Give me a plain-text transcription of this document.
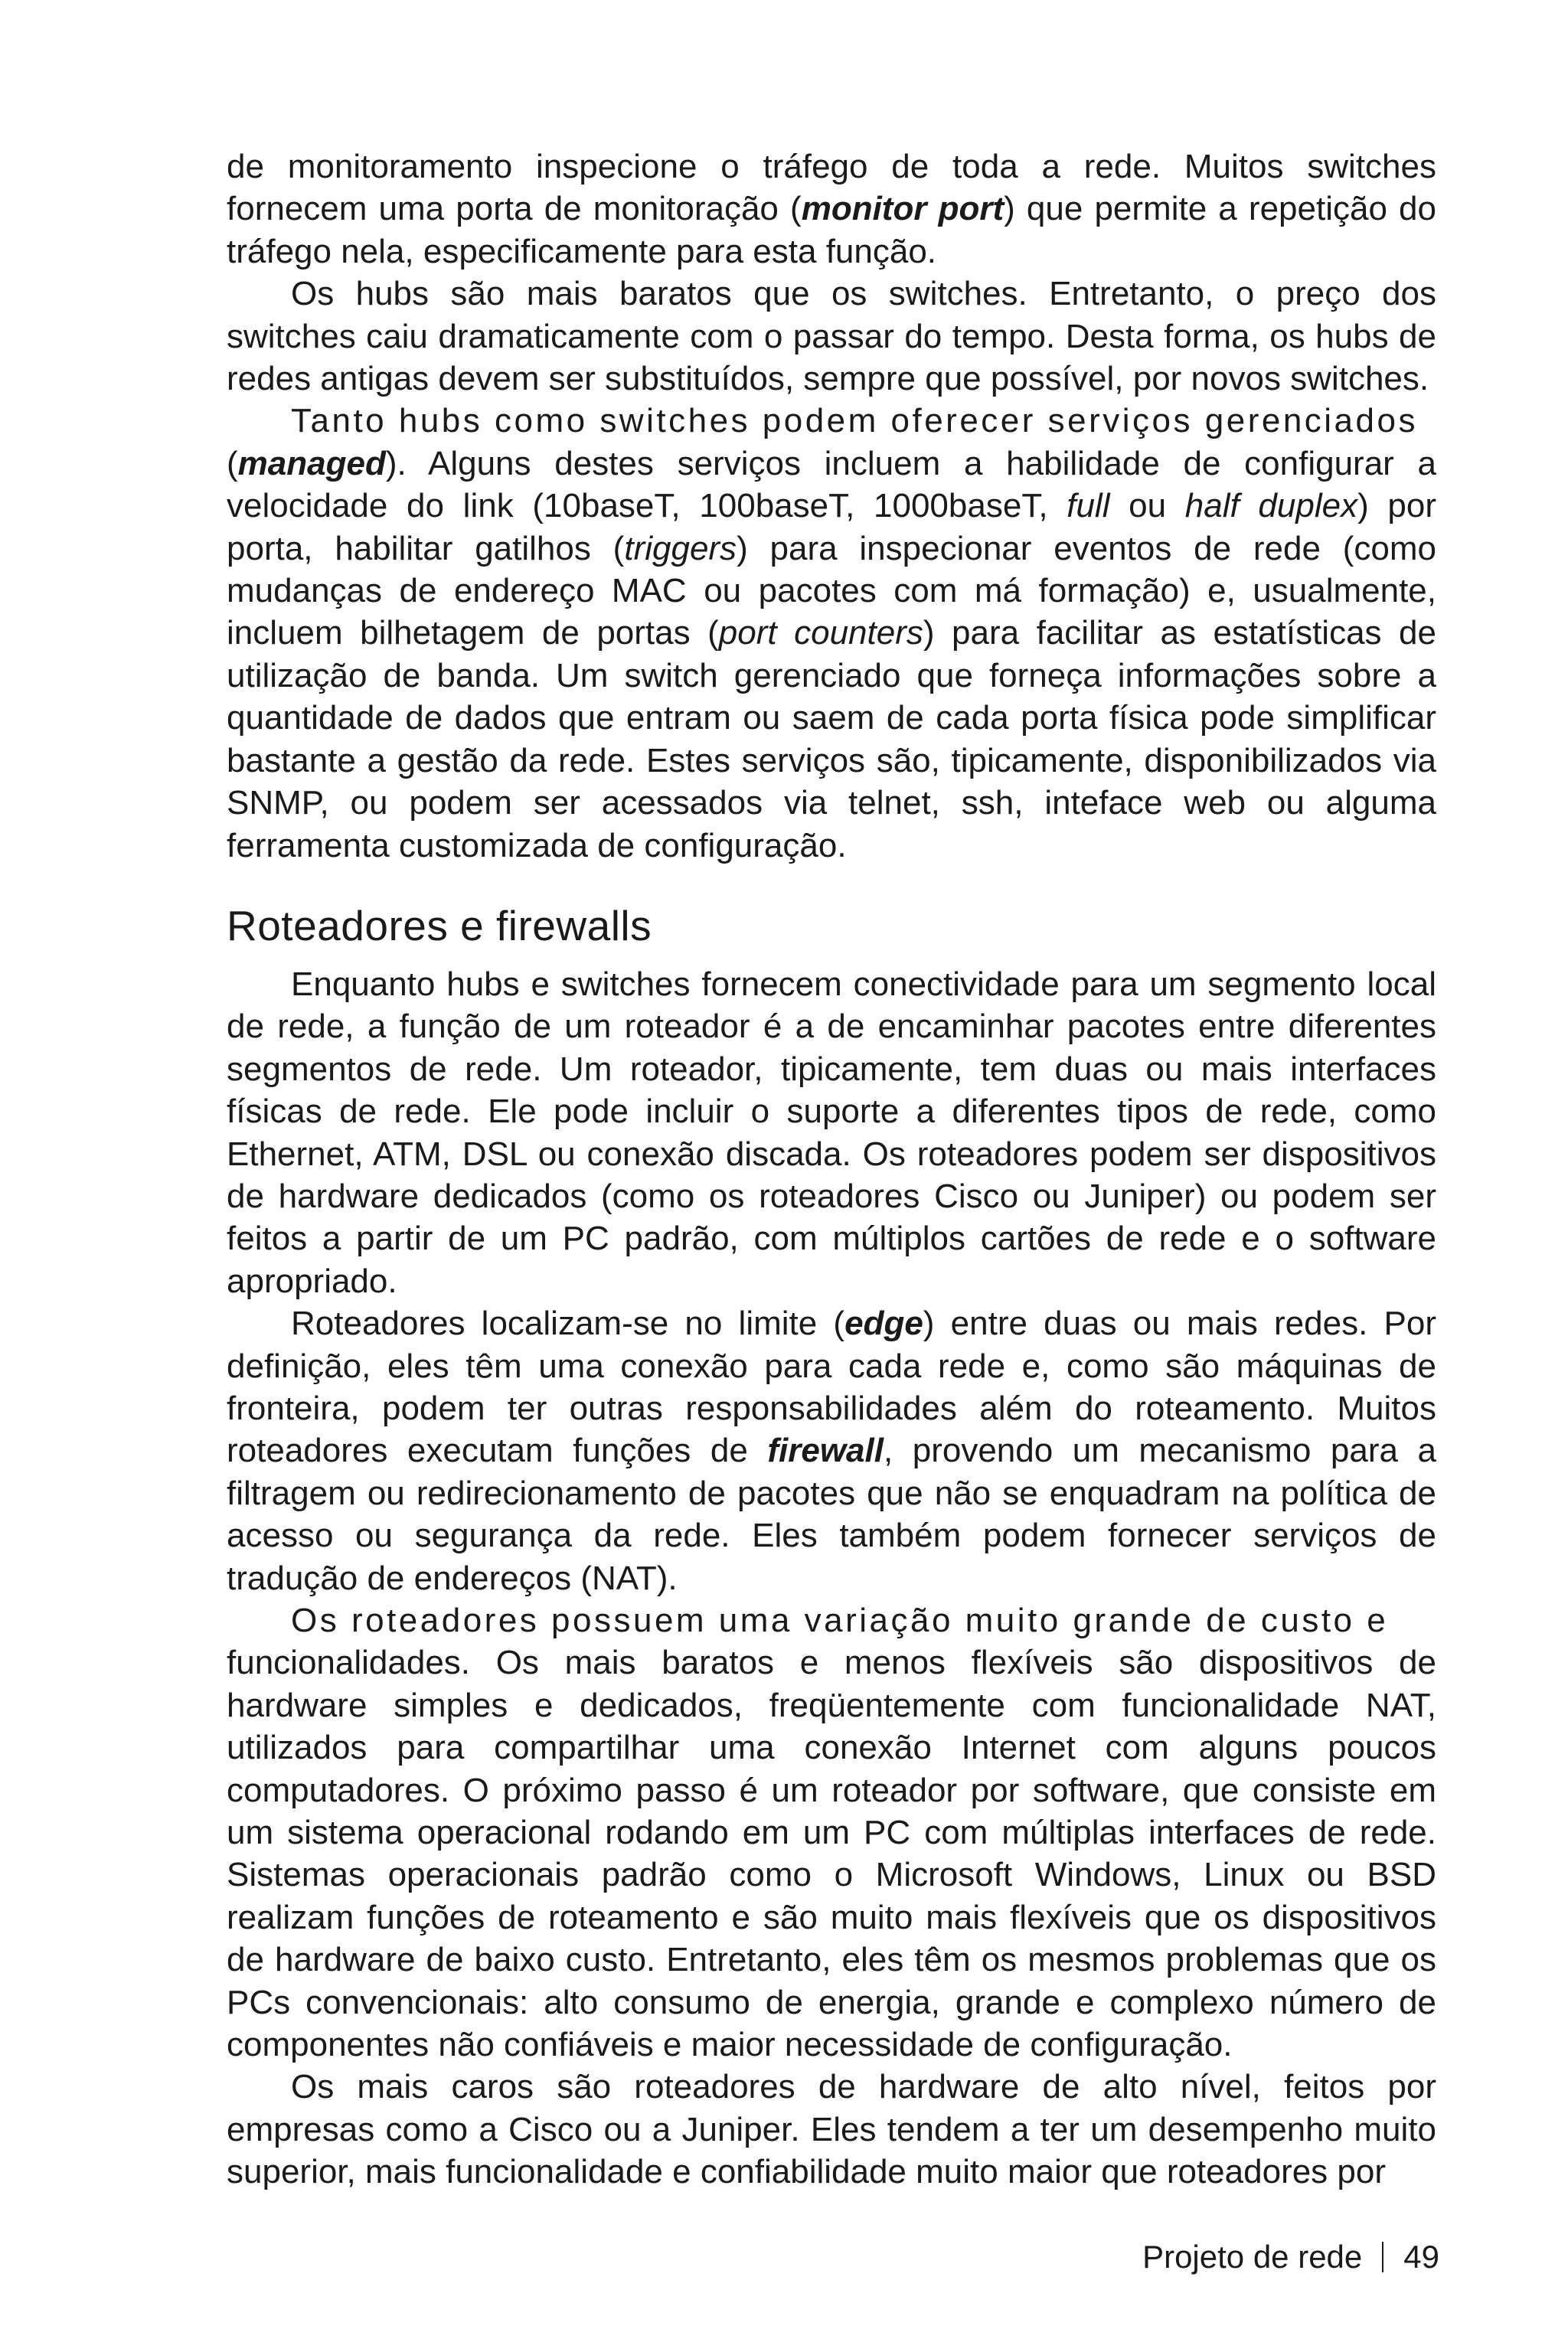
de monitoramento inspecione o tráfego de toda a rede. Muitos switches fornecem uma porta de monitoração (monitor port) que permite a repetição do tráfego nela, especificamente para esta função.

Os hubs são mais baratos que os switches. Entretanto, o preço dos switches caiu dramaticamente com o passar do tempo. Desta forma, os hubs de redes antigas devem ser substituídos, sempre que possível, por novos switches.

Tanto hubs como switches podem oferecer serviços gerenciados
(managed). Alguns destes serviços incluem a habilidade de configurar a velocidade do link (10baseT, 100baseT, 1000baseT, full ou half duplex) por porta, habilitar gatilhos (triggers) para inspecionar eventos de rede (como mudanças de endereço MAC ou pacotes com má formação) e, usualmente, incluem bilhetagem de portas (port counters) para facilitar as estatísticas de utilização de banda. Um switch gerenciado que forneça informações sobre a quantidade de dados que entram ou saem de cada porta física pode simplificar bastante a gestão da rede. Estes serviços são, tipicamente, disponibilizados via SNMP, ou podem ser acessados via telnet, ssh, inteface web ou alguma ferramenta customizada de configuração.

Roteadores e firewalls

Enquanto hubs e switches fornecem conectividade para um segmento local de rede, a função de um roteador é a de encaminhar pacotes entre diferentes segmentos de rede. Um roteador, tipicamente, tem duas ou mais interfaces físicas de rede. Ele pode incluir o suporte a diferentes tipos de rede, como Ethernet, ATM, DSL ou conexão discada. Os roteadores podem ser dispositivos de hardware dedicados (como os roteadores Cisco ou Juniper) ou podem ser feitos a partir de um PC padrão, com múltiplos cartões de rede e o software apropriado.

Roteadores localizam-se no limite (edge) entre duas ou mais redes. Por definição, eles têm uma conexão para cada rede e, como são máquinas de fronteira, podem ter outras responsabilidades além do roteamento. Muitos roteadores executam funções de firewall, provendo um mecanismo para a filtragem ou redirecionamento de pacotes que não se enquadram na política de acesso ou segurança da rede. Eles também podem fornecer serviços de tradução de endereços (NAT).

Os roteadores possuem uma variação muito grande de custo e
funcionalidades. Os mais baratos e menos flexíveis são dispositivos de hardware simples e dedicados, freqüentemente com funcionalidade NAT, utilizados para compartilhar uma conexão Internet com alguns poucos computadores. O próximo passo é um roteador por software, que consiste em um sistema operacional rodando em um PC com múltiplas interfaces de rede. Sistemas operacionais padrão como o Microsoft Windows, Linux ou BSD realizam funções de roteamento e são muito mais flexíveis que os dispositivos de hardware de baixo custo. Entretanto, eles têm os mesmos problemas que os PCs convencionais: alto consumo de energia, grande e complexo número de componentes não confiáveis e maior necessidade de configuração.

Os mais caros são roteadores de hardware de alto nível, feitos por empresas como a Cisco ou a Juniper. Eles tendem a ter um desempenho muito superior, mais funcionalidade e confiabilidade muito maior que roteadores por

Projeto de rede 49
